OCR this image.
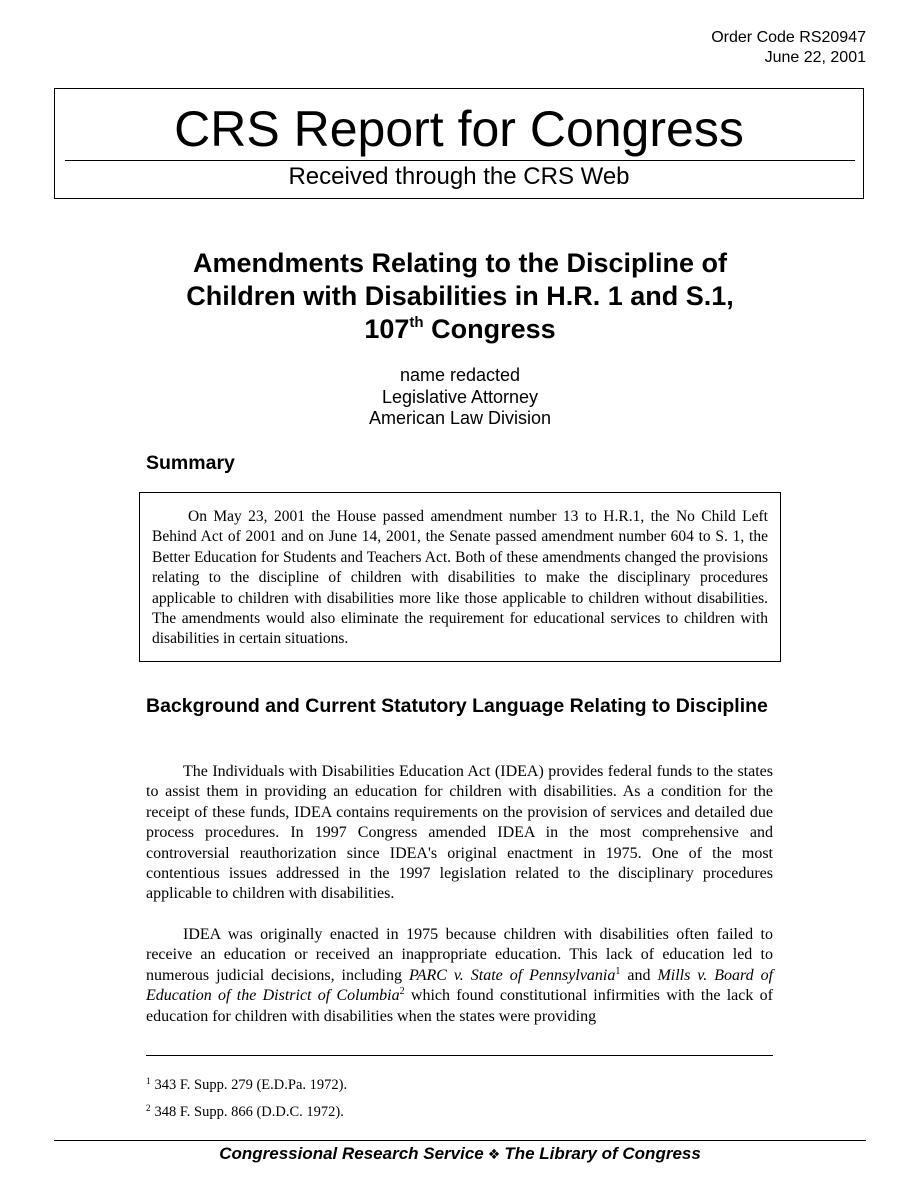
Order Code RS20947
June 22, 2001
CRS Report for Congress
Received through the CRS Web
Amendments Relating to the Discipline of
Children with Disabilities in H.R. 1 and S.1,
107th Congress
name redacted
Legislative Attorney
American Law Division
Summary
On May 23, 2001 the House passed amendment number 13 to H.R.1, the No Child Left Behind Act of 2001 and on June 14, 2001, the Senate passed amendment number 604 to S. 1, the Better Education for Students and Teachers Act. Both of these amendments changed the provisions relating to the discipline of children with disabilities to make the disciplinary procedures applicable to children with disabilities more like those applicable to children without disabilities. The amendments would also eliminate the requirement for educational services to children with disabilities in certain situations.
Background and Current Statutory Language Relating to Discipline

The Individuals with Disabilities Education Act (IDEA) provides federal funds to the states to assist them in providing an education for children with disabilities. As a condition for the receipt of these funds, IDEA contains requirements on the provision of services and detailed due process procedures. In 1997 Congress amended IDEA in the most comprehensive and controversial reauthorization since IDEA's original enactment in 1975. One of the most contentious issues addressed in the 1997 legislation related to the disciplinary procedures applicable to children with disabilities.

IDEA was originally enacted in 1975 because children with disabilities often failed to receive an education or received an inappropriate education. This lack of education led to numerous judicial decisions, including PARC v. State of Pennsylvania$^1$ and Mills v. Board of Education of the District of Columbia$^2$ which found constitutional infirmities with the lack of education for children with disabilities when the states were providing

$^1$ 343 F. Supp. 279 (E.D.Pa. 1972).
$^2$ 348 F. Supp. 866 (D.D.C. 1972).
Congressional Research Service ❖ The Library of Congress
